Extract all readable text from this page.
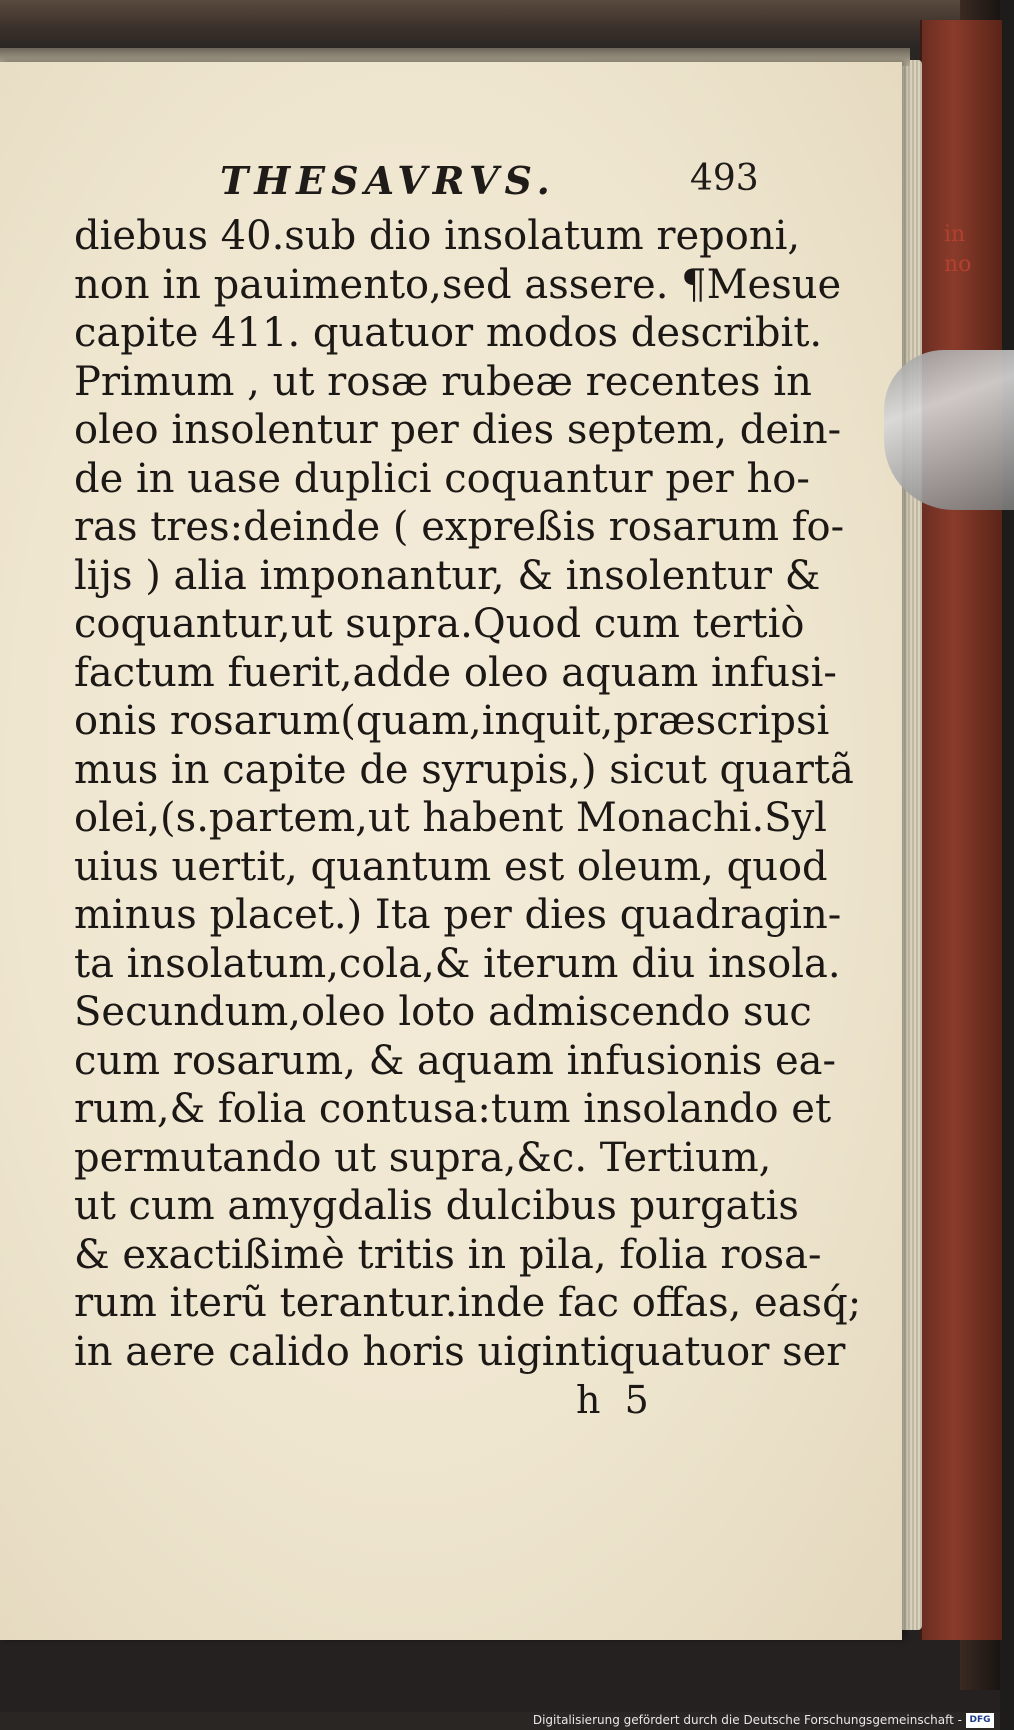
in
no
THESAVRVS.	493
diebus 40.sub dio insolatum reponi,
non in pauimento,sed assere. ¶Mesue
capite 411. quatuor modos describit.
Primum , ut rosæ rubeæ recentes in
oleo insolentur per dies septem, dein-
de in uase duplici coquantur per ho-
ras tres:deinde ( expreßis rosarum fo-
lijs ) alia imponantur, & insolentur &
coquantur,ut supra.Quod cum tertiò
factum fuerit,adde oleo aquam infusi-
onis rosarum(quam,inquit,præscripsi
mus in capite de syrupis,) sicut quartã
olei,(s.partem,ut habent Monachi.Syl
uius uertit, quantum est oleum, quod
minus placet.) Ita per dies quadragin-
ta insolatum,cola,& iterum diu insola.
Secundum,oleo loto admiscendo suc
cum rosarum, & aquam infusionis ea-
rum,& folia contusa:tum insolando et
permutando ut supra,&c. Tertium,
ut cum amygdalis dulcibus purgatis
& exactißimè tritis in pila, folia rosa-
rum iterũ terantur.inde fac offas, easq́;
in aere calido horis uigintiquatuor ser
h  5
Digitalisierung gefördert durch die Deutsche Forschungsgemeinschaft - DFG
